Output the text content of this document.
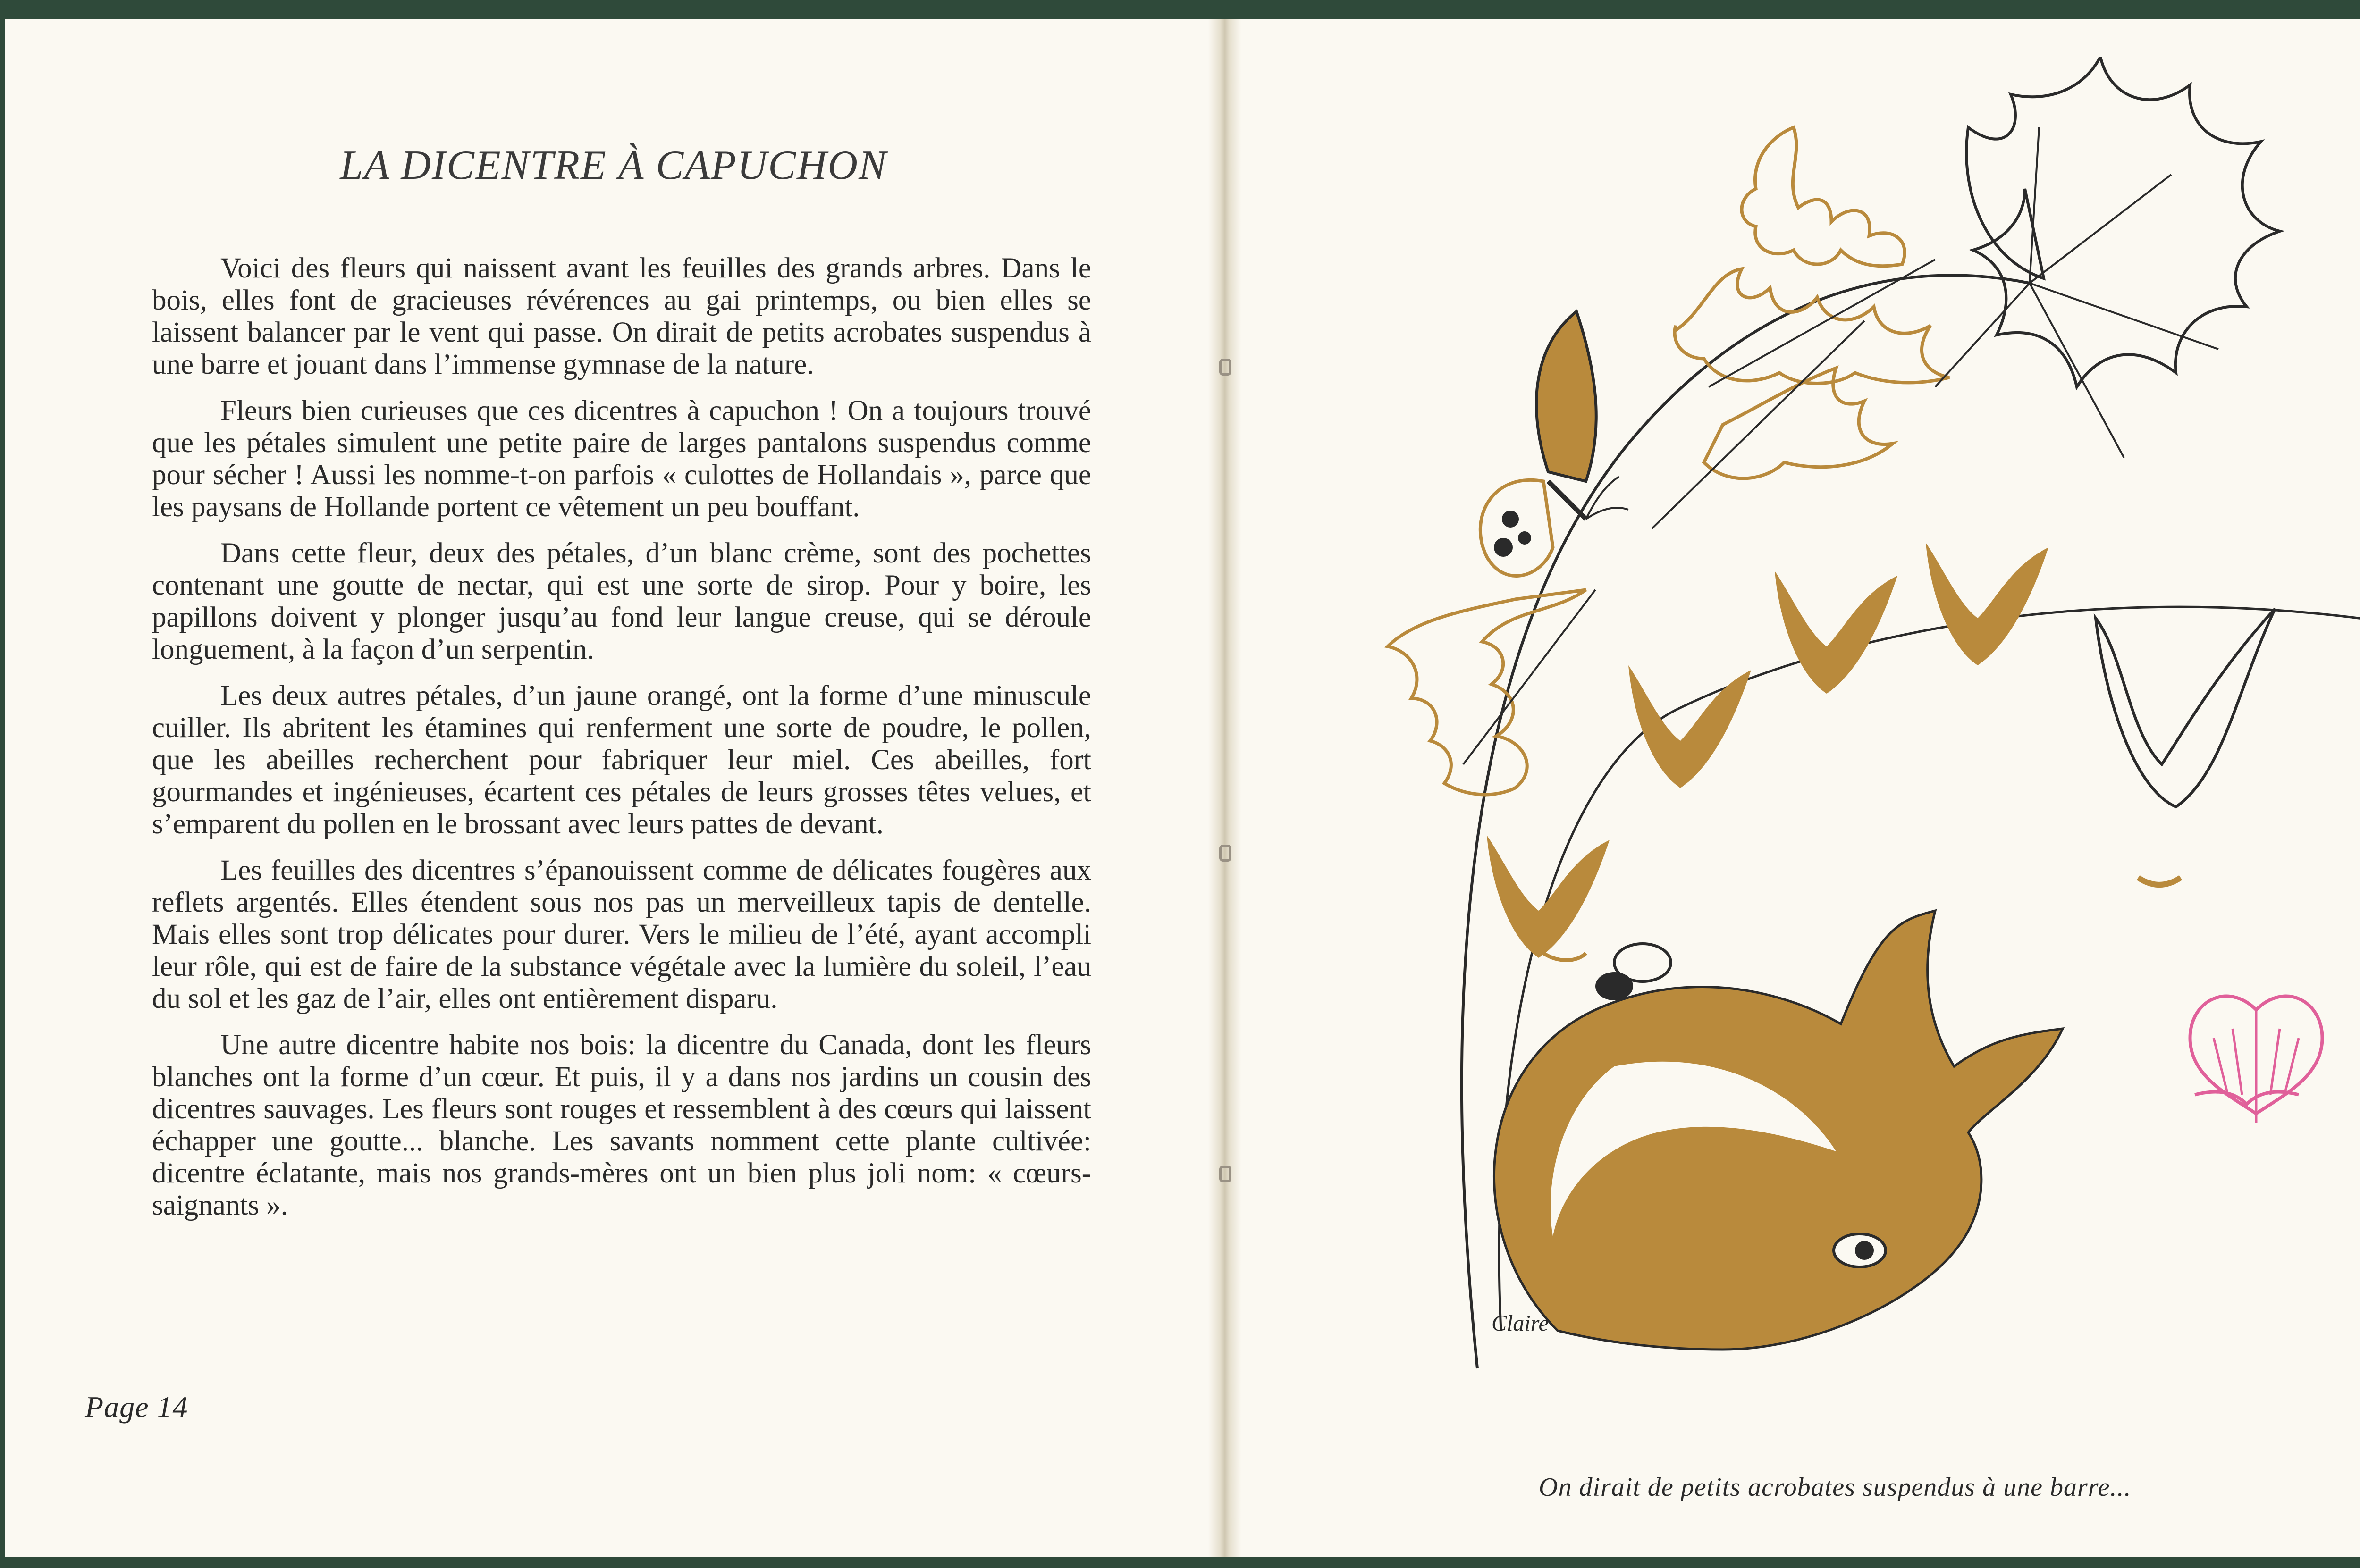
LA DICENTRE À CAPUCHON

Voici des fleurs qui naissent avant les feuilles des grands arbres. Dans le bois, elles font de gracieuses révérences au gai printemps, ou bien elles se laissent balancer par le vent qui passe. On dirait de petits acrobates suspendus à une barre et jouant dans l’immense gymnase de la nature.

Fleurs bien curieuses que ces dicentres à capuchon ! On a toujours trouvé que les pétales simulent une petite paire de larges pantalons suspendus comme pour sécher ! Aussi les nomme-t-on parfois « culottes de Hollandais », parce que les paysans de Hollande portent ce vêtement un peu bouffant.

Dans cette fleur, deux des pétales, d’un blanc crème, sont des pochettes contenant une goutte de nectar, qui est une sorte de sirop. Pour y boire, les papillons doivent y plonger jusqu’au fond leur langue creuse, qui se déroule longuement, à la façon d’un serpentin.

Les deux autres pétales, d’un jaune orangé, ont la forme d’une minuscule cuiller. Ils abritent les étamines qui renferment une sorte de poudre, le pollen, que les abeilles recherchent pour fabriquer leur miel. Ces abeilles, fort gourmandes et ingénieuses, écartent ces pétales de leurs grosses têtes velues, et s’emparent du pollen en le brossant avec leurs pattes de devant.

Les feuilles des dicentres s’épanouissent comme de délicates fougères aux reflets argentés. Elles étendent sous nos pas un merveilleux tapis de dentelle. Mais elles sont trop délicates pour durer. Vers le milieu de l’été, ayant accompli leur rôle, qui est de faire de la substance végétale avec la lumière du soleil, l’eau du sol et les gaz de l’air, elles ont entièrement disparu.

Une autre dicentre habite nos bois: la dicentre du Canada, dont les fleurs blanches ont la forme d’un cœur. Et puis, il y a dans nos jardins un cousin des dicentres sauvages. Les fleurs sont rouges et ressemblent à des cœurs qui laissent échapper une goutte... blanche. Les savants nomment cette plante cultivée: dicentre éclatante, mais nos grands-mères ont un bien plus joli nom: « cœurs-saignants ».

Page 14
Claire
On dirait de petits acrobates suspendus à une barre...
